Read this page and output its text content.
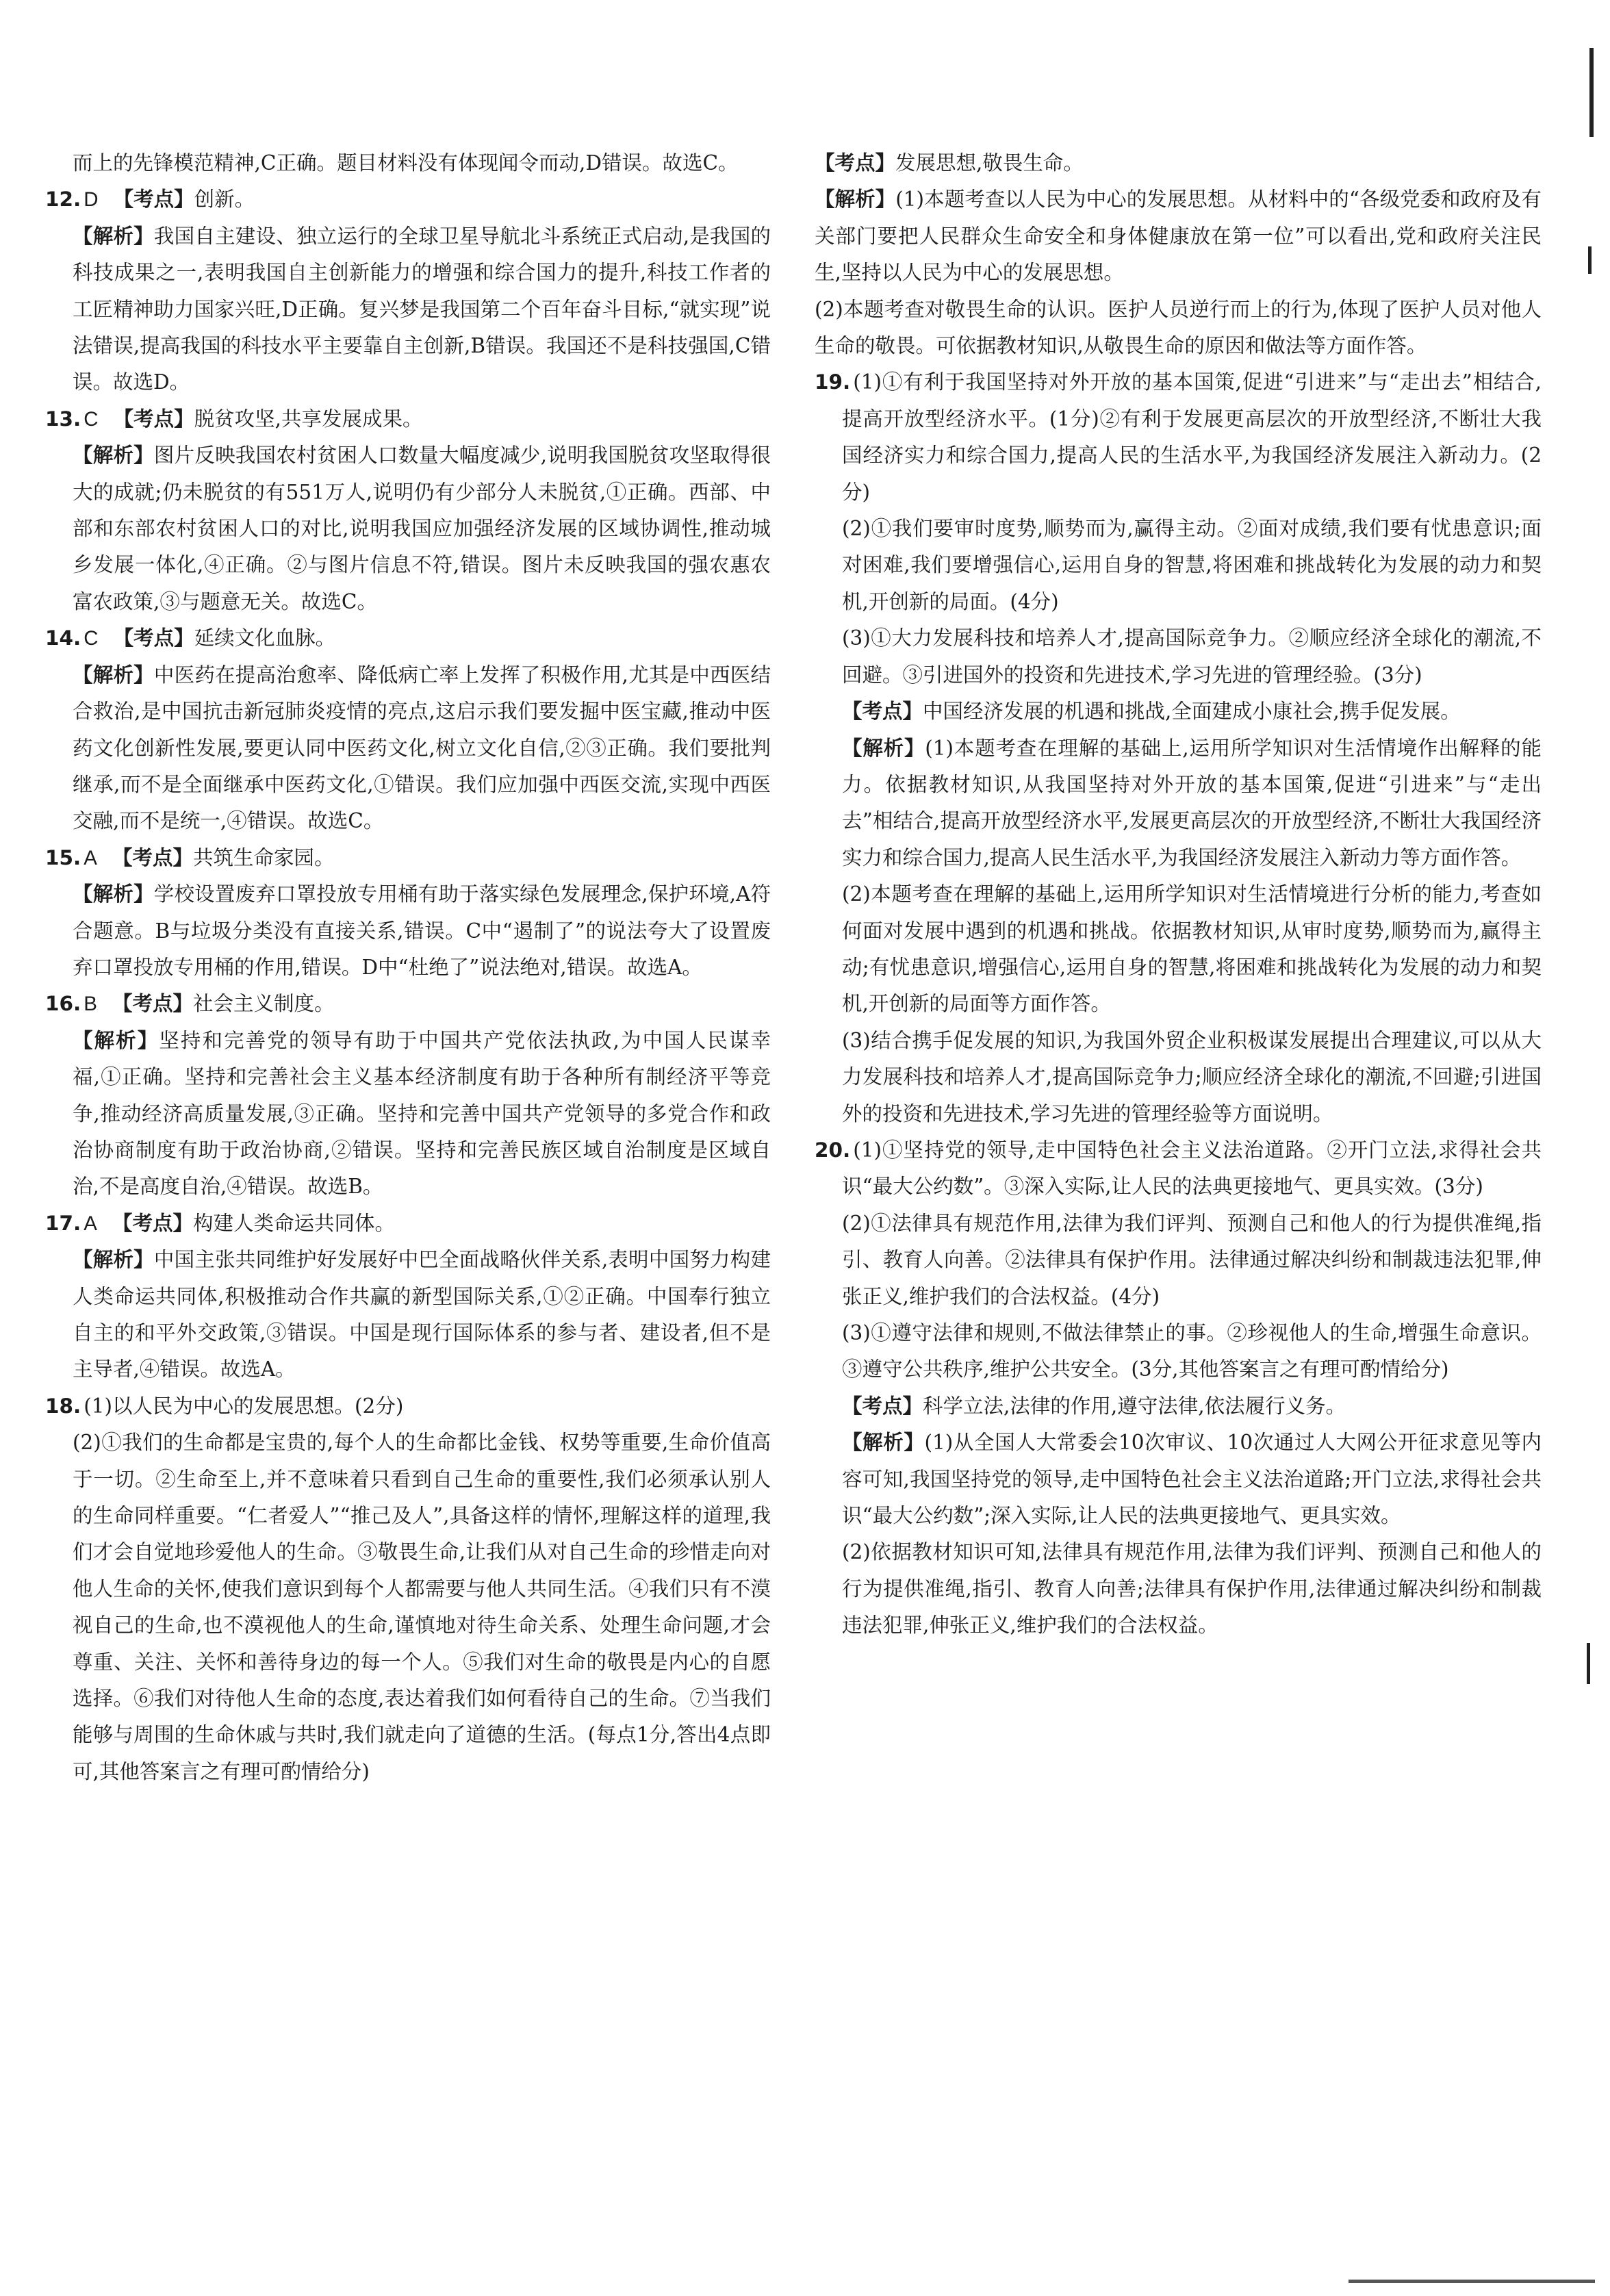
而上的先锋模范精神,C正确。题目材料没有体现闻令而动,D错误。故选C。
12. D 【考点】创新。
【解析】我国自主建设、独立运行的全球卫星导航北斗系统正式启动,是我国的科技成果之一,表明我国自主创新能力的增强和综合国力的提升,科技工作者的工匠精神助力国家兴旺,D正确。复兴梦是我国第二个百年奋斗目标,“就实现”说法错误,提高我国的科技水平主要靠自主创新,B错误。我国还不是科技强国,C错误。故选D。
13. C 【考点】脱贫攻坚,共享发展成果。
【解析】图片反映我国农村贫困人口数量大幅度减少,说明我国脱贫攻坚取得很大的成就;仍未脱贫的有551万人,说明仍有少部分人未脱贫,①正确。西部、中部和东部农村贫困人口的对比,说明我国应加强经济发展的区域协调性,推动城乡发展一体化,④正确。②与图片信息不符,错误。图片未反映我国的强农惠农富农政策,③与题意无关。故选C。
14. C 【考点】延续文化血脉。
【解析】中医药在提高治愈率、降低病亡率上发挥了积极作用,尤其是中西医结合救治,是中国抗击新冠肺炎疫情的亮点,这启示我们要发掘中医宝藏,推动中医药文化创新性发展,要更认同中医药文化,树立文化自信,②③正确。我们要批判继承,而不是全面继承中医药文化,①错误。我们应加强中西医交流,实现中西医交融,而不是统一,④错误。故选C。
15. A 【考点】共筑生命家园。
【解析】学校设置废弃口罩投放专用桶有助于落实绿色发展理念,保护环境,A符合题意。B与垃圾分类没有直接关系,错误。C中“遏制了”的说法夸大了设置废弃口罩投放专用桶的作用,错误。D中“杜绝了”说法绝对,错误。故选A。
16. B 【考点】社会主义制度。
【解析】坚持和完善党的领导有助于中国共产党依法执政,为中国人民谋幸福,①正确。坚持和完善社会主义基本经济制度有助于各种所有制经济平等竞争,推动经济高质量发展,③正确。坚持和完善中国共产党领导的多党合作和政治协商制度有助于政治协商,②错误。坚持和完善民族区域自治制度是区域自治,不是高度自治,④错误。故选B。
17. A 【考点】构建人类命运共同体。
【解析】中国主张共同维护好发展好中巴全面战略伙伴关系,表明中国努力构建人类命运共同体,积极推动合作共赢的新型国际关系,①②正确。中国奉行独立自主的和平外交政策,③错误。中国是现行国际体系的参与者、建设者,但不是主导者,④错误。故选A。
18. (1)以人民为中心的发展思想。(2分)
(2)①我们的生命都是宝贵的,每个人的生命都比金钱、权势等重要,生命价值高于一切。②生命至上,并不意味着只看到自己生命的重要性,我们必须承认别人的生命同样重要。“仁者爱人”“推己及人”,具备这样的情怀,理解这样的道理,我们才会自觉地珍爱他人的生命。③敬畏生命,让我们从对自己生命的珍惜走向对他人生命的关怀,使我们意识到每个人都需要与他人共同生活。④我们只有不漠视自己的生命,也不漠视他人的生命,谨慎地对待生命关系、处理生命问题,才会尊重、关注、关怀和善待身边的每一个人。⑤我们对生命的敬畏是内心的自愿选择。⑥我们对待他人生命的态度,表达着我们如何看待自己的生命。⑦当我们能够与周围的生命休戚与共时,我们就走向了道德的生活。(每点1分,答出4点即可,其他答案言之有理可酌情给分)
【考点】发展思想,敬畏生命。
【解析】(1)本题考查以人民为中心的发展思想。从材料中的“各级党委和政府及有关部门要把人民群众生命安全和身体健康放在第一位”可以看出,党和政府关注民生,坚持以人民为中心的发展思想。
(2)本题考查对敬畏生命的认识。医护人员逆行而上的行为,体现了医护人员对他人生命的敬畏。可依据教材知识,从敬畏生命的原因和做法等方面作答。
19. (1)①有利于我国坚持对外开放的基本国策,促进“引进来”与“走出去”相结合,提高开放型经济水平。(1分)②有利于发展更高层次的开放型经济,不断壮大我国经济实力和综合国力,提高人民的生活水平,为我国经济发展注入新动力。(2分)
(2)①我们要审时度势,顺势而为,赢得主动。②面对成绩,我们要有忧患意识;面对困难,我们要增强信心,运用自身的智慧,将困难和挑战转化为发展的动力和契机,开创新的局面。(4分)
(3)①大力发展科技和培养人才,提高国际竞争力。②顺应经济全球化的潮流,不回避。③引进国外的投资和先进技术,学习先进的管理经验。(3分)
【考点】中国经济发展的机遇和挑战,全面建成小康社会,携手促发展。
【解析】(1)本题考查在理解的基础上,运用所学知识对生活情境作出解释的能力。依据教材知识,从我国坚持对外开放的基本国策,促进“引进来”与“走出去”相结合,提高开放型经济水平,发展更高层次的开放型经济,不断壮大我国经济实力和综合国力,提高人民生活水平,为我国经济发展注入新动力等方面作答。
(2)本题考查在理解的基础上,运用所学知识对生活情境进行分析的能力,考查如何面对发展中遇到的机遇和挑战。依据教材知识,从审时度势,顺势而为,赢得主动;有忧患意识,增强信心,运用自身的智慧,将困难和挑战转化为发展的动力和契机,开创新的局面等方面作答。
(3)结合携手促发展的知识,为我国外贸企业积极谋发展提出合理建议,可以从大力发展科技和培养人才,提高国际竞争力;顺应经济全球化的潮流,不回避;引进国外的投资和先进技术,学习先进的管理经验等方面说明。
20. (1)①坚持党的领导,走中国特色社会主义法治道路。②开门立法,求得社会共识“最大公约数”。③深入实际,让人民的法典更接地气、更具实效。(3分)
(2)①法律具有规范作用,法律为我们评判、预测自己和他人的行为提供准绳,指引、教育人向善。②法律具有保护作用。法律通过解决纠纷和制裁违法犯罪,伸张正义,维护我们的合法权益。(4分)
(3)①遵守法律和规则,不做法律禁止的事。②珍视他人的生命,增强生命意识。③遵守公共秩序,维护公共安全。(3分,其他答案言之有理可酌情给分)
【考点】科学立法,法律的作用,遵守法律,依法履行义务。
【解析】(1)从全国人大常委会10次审议、10次通过人大网公开征求意见等内容可知,我国坚持党的领导,走中国特色社会主义法治道路;开门立法,求得社会共识“最大公约数”;深入实际,让人民的法典更接地气、更具实效。
(2)依据教材知识可知,法律具有规范作用,法律为我们评判、预测自己和他人的行为提供准绳,指引、教育人向善;法律具有保护作用,法律通过解决纠纷和制裁违法犯罪,伸张正义,维护我们的合法权益。
